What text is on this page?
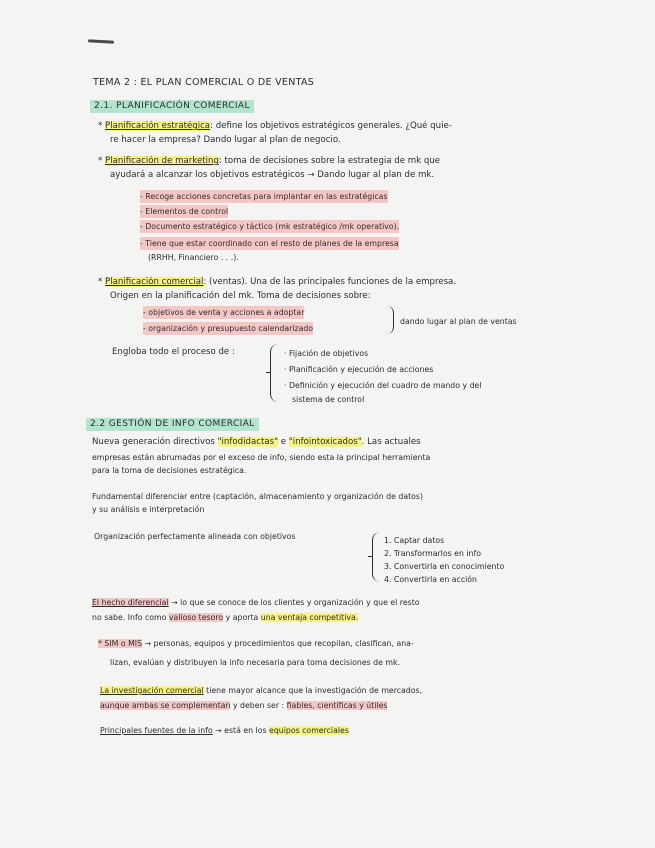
TEMA 2 : EL PLAN COMERCIAL O DE VENTAS
2.1. PLANIFICACIÓN COMERCIAL
* Planificación estratégica: define los objetivos estratégicos generales. ¿Qué quie-
re hacer la empresa? Dando lugar al plan de negocio.
* Planificación de marketing: toma de decisiones sobre la estrategia de mk que
ayudará a alcanzar los objetivos estratégicos → Dando lugar al plan de mk.
- Recoge acciones concretas para implantar en las estratégicas
- Elementos de control
- Documento estratégico y táctico (mk estratégico /mk operativo).
- Tiene que estar coordinado con el resto de planes de la empresa
(RRHH, Financiero . . .).
* Planificación comercial: (ventas). Una de las principales funciones de la empresa.
Origen en la planificación del mk. Toma de decisiones sobre:
- objetivos de venta y acciones a adoptar
- organización y presupuesto calendarizado
dando lugar al plan de ventas
Engloba todo el proceso de :	· Fijación de objetivos
· Planificación y ejecución de acciones
· Definición y ejecución del cuadro de mando y del
sistema de control
2.2 GESTIÓN DE INFO COMERCIAL
Nueva generación directivos "infodidactas" e "infointoxicados". Las actuales
empresas están abrumadas por el exceso de info, siendo esta la principal herramienta
para la toma de decisiones estratégica.
Fundamental diferenciar entre (captación, almacenamiento y organización de datos)
y su análisis e interpretación
Organización perfectamente alineada con objetivos	1. Captar datos
2. Transformarlos en info
3. Convertirla en conocimiento
4. Convertirla en acción
El hecho diferencial → lo que se conoce de los clientes y organización y que el resto
no sabe. Info como valioso tesoro y aporta una ventaja competitiva.
* SIM o MIS → personas, equipos y procedimientos que recopilan, clasifican, ana-
lizan, evalúan y distribuyen la info necesaria para toma decisiones de mk.
La investigación comercial tiene mayor alcance que la investigación de mercados,
aunque ambas se complementan y deben ser : fiables, científicas y útiles
Principales fuentes de la info → está en los equipos comerciales
